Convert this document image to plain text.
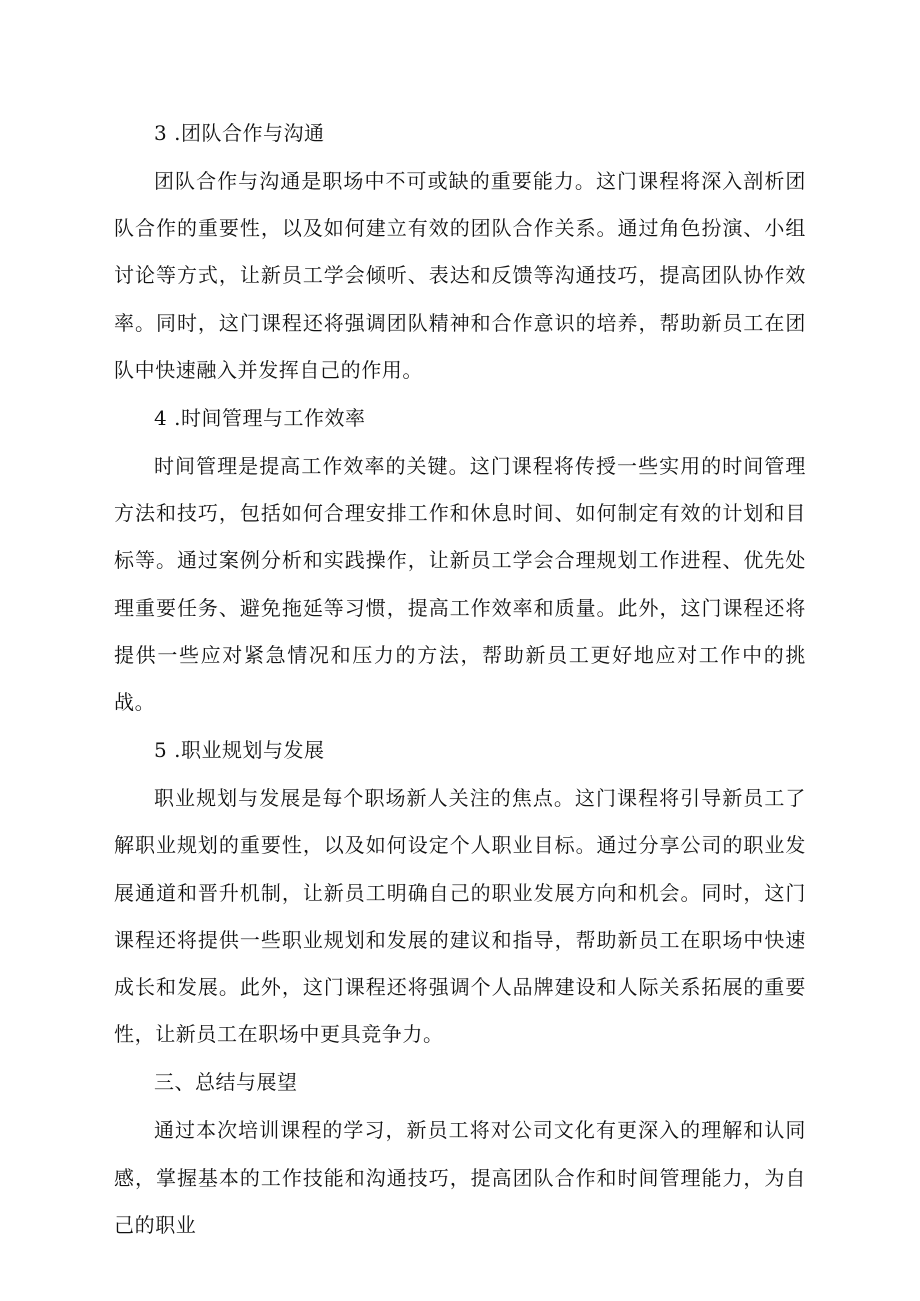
3 .团队合作与沟通

团队合作与沟通是职场中不可或缺的重要能力。这门课程将深入剖析团队合作的重要性，以及如何建立有效的团队合作关系。通过角色扮演、小组讨论等方式，让新员工学会倾听、表达和反馈等沟通技巧，提高团队协作效率。同时，这门课程还将强调团队精神和合作意识的培养，帮助新员工在团队中快速融入并发挥自己的作用。

4 .时间管理与工作效率

时间管理是提高工作效率的关键。这门课程将传授一些实用的时间管理方法和技巧，包括如何合理安排工作和休息时间、如何制定有效的计划和目标等。通过案例分析和实践操作，让新员工学会合理规划工作进程、优先处理重要任务、避免拖延等习惯，提高工作效率和质量。此外，这门课程还将提供一些应对紧急情况和压力的方法，帮助新员工更好地应对工作中的挑战。

5 .职业规划与发展

职业规划与发展是每个职场新人关注的焦点。这门课程将引导新员工了解职业规划的重要性，以及如何设定个人职业目标。通过分享公司的职业发展通道和晋升机制，让新员工明确自己的职业发展方向和机会。同时，这门课程还将提供一些职业规划和发展的建议和指导，帮助新员工在职场中快速成长和发展。此外，这门课程还将强调个人品牌建设和人际关系拓展的重要性，让新员工在职场中更具竞争力。

三、总结与展望

通过本次培训课程的学习，新员工将对公司文化有更深入的理解和认同感，掌握基本的工作技能和沟通技巧，提高团队合作和时间管理能力，为自己的职业
